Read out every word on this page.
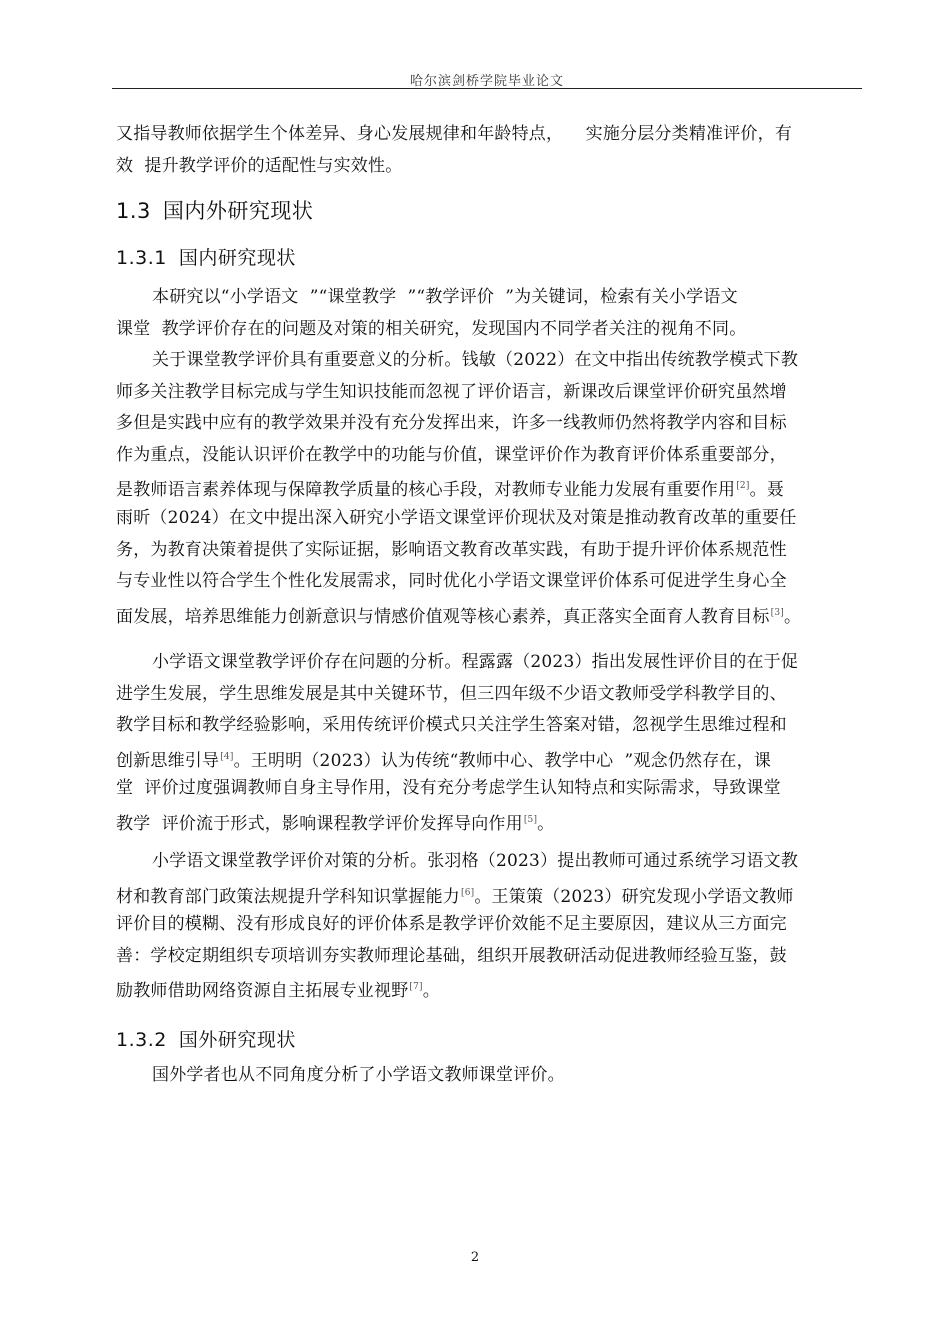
哈尔滨剑桥学院毕业论文
又指导教师依据学生个体差异、身心发展规律和年龄特点，    实施分层分类精准评价，有
效  提升教学评价的适配性与实效性。
1.3 国内外研究现状
1.3.1 国内研究现状
本研究以“小学语文  ”“课堂教学  ”“教学评价  ”为关键词，检索有关小学语文
课堂  教学评价存在的问题及对策的相关研究，发现国内不同学者关注的视角不同。
关于课堂教学评价具有重要意义的分析。钱敏（2022）在文中指出传统教学模式下教
师多关注教学目标完成与学生知识技能而忽视了评价语言，新课改后课堂评价研究虽然增
多但是实践中应有的教学效果并没有充分发挥出来，许多一线教师仍然将教学内容和目标
作为重点，没能认识评价在教学中的功能与价值，课堂评价作为教育评价体系重要部分，
是教师语言素养体现与保障教学质量的核心手段，对教师专业能力发展有重要作用[2]。聂
雨昕（2024）在文中提出深入研究小学语文课堂评价现状及对策是推动教育改革的重要任
务，为教育决策着提供了实际证据，影响语文教育改革实践，有助于提升评价体系规范性
与专业性以符合学生个性化发展需求，同时优化小学语文课堂评价体系可促进学生身心全
面发展，培养思维能力创新意识与情感价值观等核心素养，真正落实全面育人教育目标[3]。
小学语文课堂教学评价存在问题的分析。程露露（2023）指出发展性评价目的在于促
进学生发展，学生思维发展是其中关键环节，但三四年级不少语文教师受学科教学目的、
教学目标和教学经验影响，采用传统评价模式只关注学生答案对错，忽视学生思维过程和
创新思维引导[4]。王明明（2023）认为传统“教师中心、教学中心  ”观念仍然存在，课
堂  评价过度强调教师自身主导作用，没有充分考虑学生认知特点和实际需求，导致课堂
教学  评价流于形式，影响课程教学评价发挥导向作用[5]。
小学语文课堂教学评价对策的分析。张羽格（2023）提出教师可通过系统学习语文教
材和教育部门政策法规提升学科知识掌握能力[6]。王策策（2023）研究发现小学语文教师
评价目的模糊、没有形成良好的评价体系是教学评价效能不足主要原因，建议从三方面完
善：学校定期组织专项培训夯实教师理论基础，组织开展教研活动促进教师经验互鉴，鼓
励教师借助网络资源自主拓展专业视野[7]。
1.3.2 国外研究现状
国外学者也从不同角度分析了小学语文教师课堂评价。
2
